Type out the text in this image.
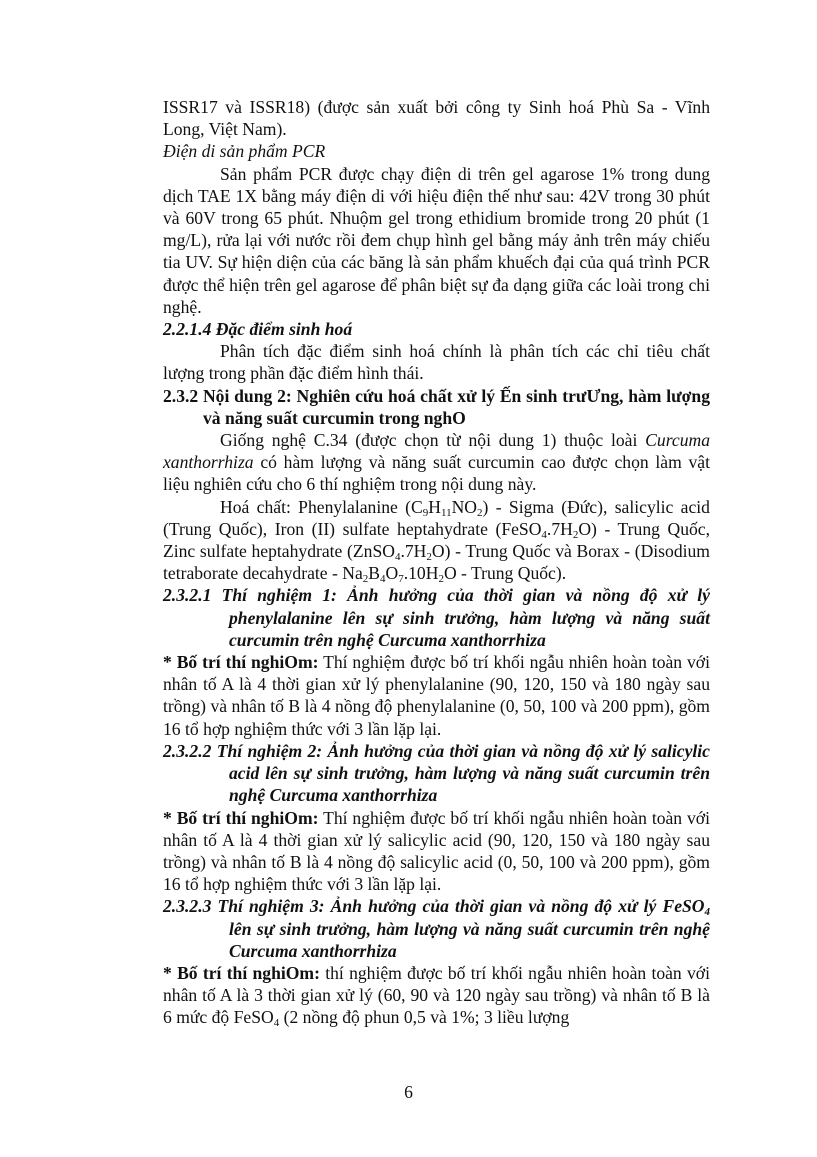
ISSR17 và ISSR18) (được sản xuất bởi công ty Sinh hoá Phù Sa - Vĩnh Long, Việt Nam).

Điện di sản phẩm PCR

Sản phẩm PCR được chạy điện di trên gel agarose 1% trong dung dịch TAE 1X bằng máy điện di với hiệu điện thế như sau: 42V trong 30 phút và 60V trong 65 phút. Nhuộm gel trong ethidium bromide trong 20 phút (1 mg/L), rửa lại với nước rồi đem chụp hình gel bằng máy ảnh trên máy chiếu tia UV. Sự hiện diện của các băng là sản phẩm khuếch đại của quá trình PCR được thể hiện trên gel agarose để phân biệt sự đa dạng giữa các loài trong chi nghệ.

2.2.1.4 Đặc điểm sinh hoá

Phân tích đặc điểm sinh hoá chính là phân tích các chỉ tiêu chất lượng trong phần đặc điểm hình thái.

2.3.2 Nội dung 2: Nghiên cứu hoá chất xử lý Ến sinh trưƯng, hàm lượng và năng suất curcumin trong nghO

Giống nghệ C.34 (được chọn từ nội dung 1) thuộc loài Curcuma xanthorrhiza có hàm lượng và năng suất curcumin cao được chọn làm vật liệu nghiên cứu cho 6 thí nghiệm trong nội dung này.

Hoá chất: Phenylalanine $(C_9H_{11}NO_2)$ - Sigma (Đức), salicylic acid (Trung Quốc), Iron (II) sulfate heptahydrate $(FeSO_4.7H_2O)$ - Trung Quốc, Zinc sulfate heptahydrate $(ZnSO_4.7H_2O)$ - Trung Quốc và Borax - (Disodium tetraborate decahydrate - $Na_2B_4O_7.10H_2O$ - Trung Quốc).

2.3.2.1 Thí nghiệm 1: Ảnh hưởng của thời gian và nồng độ xử lý phenylalanine lên sự sinh trưởng, hàm lượng và năng suất curcumin trên nghệ Curcuma xanthorrhiza

* Bố trí thí nghiOm: Thí nghiệm được bố trí khối ngẫu nhiên hoàn toàn với nhân tố A là 4 thời gian xử lý phenylalanine (90, 120, 150 và 180 ngày sau trồng) và nhân tố B là 4 nồng độ phenylalanine (0, 50, 100 và 200 ppm), gồm 16 tổ hợp nghiệm thức với 3 lần lặp lại.

2.3.2.2 Thí nghiệm 2: Ảnh hưởng của thời gian và nồng độ xử lý salicylic acid lên sự sinh trưởng, hàm lượng và năng suất curcumin trên nghệ Curcuma xanthorrhiza

* Bố trí thí nghiOm: Thí nghiệm được bố trí khối ngẫu nhiên hoàn toàn với nhân tố A là 4 thời gian xử lý salicylic acid (90, 120, 150 và 180 ngày sau trồng) và nhân tố B là 4 nồng độ salicylic acid (0, 50, 100 và 200 ppm), gồm 16 tổ hợp nghiệm thức với 3 lần lặp lại.

2.3.2.3 Thí nghiệm 3: Ảnh hưởng của thời gian và nồng độ xử lý FeSO$_4$ lên sự sinh trưởng, hàm lượng và năng suất curcumin trên nghệ Curcuma xanthorrhiza

* Bố trí thí nghiOm: thí nghiệm được bố trí khối ngẫu nhiên hoàn toàn với nhân tố A là 3 thời gian xử lý (60, 90 và 120 ngày sau trồng) và nhân tố B là 6 mức độ FeSO$_4$ (2 nồng độ phun 0,5 và 1%; 3 liều lượng

6
